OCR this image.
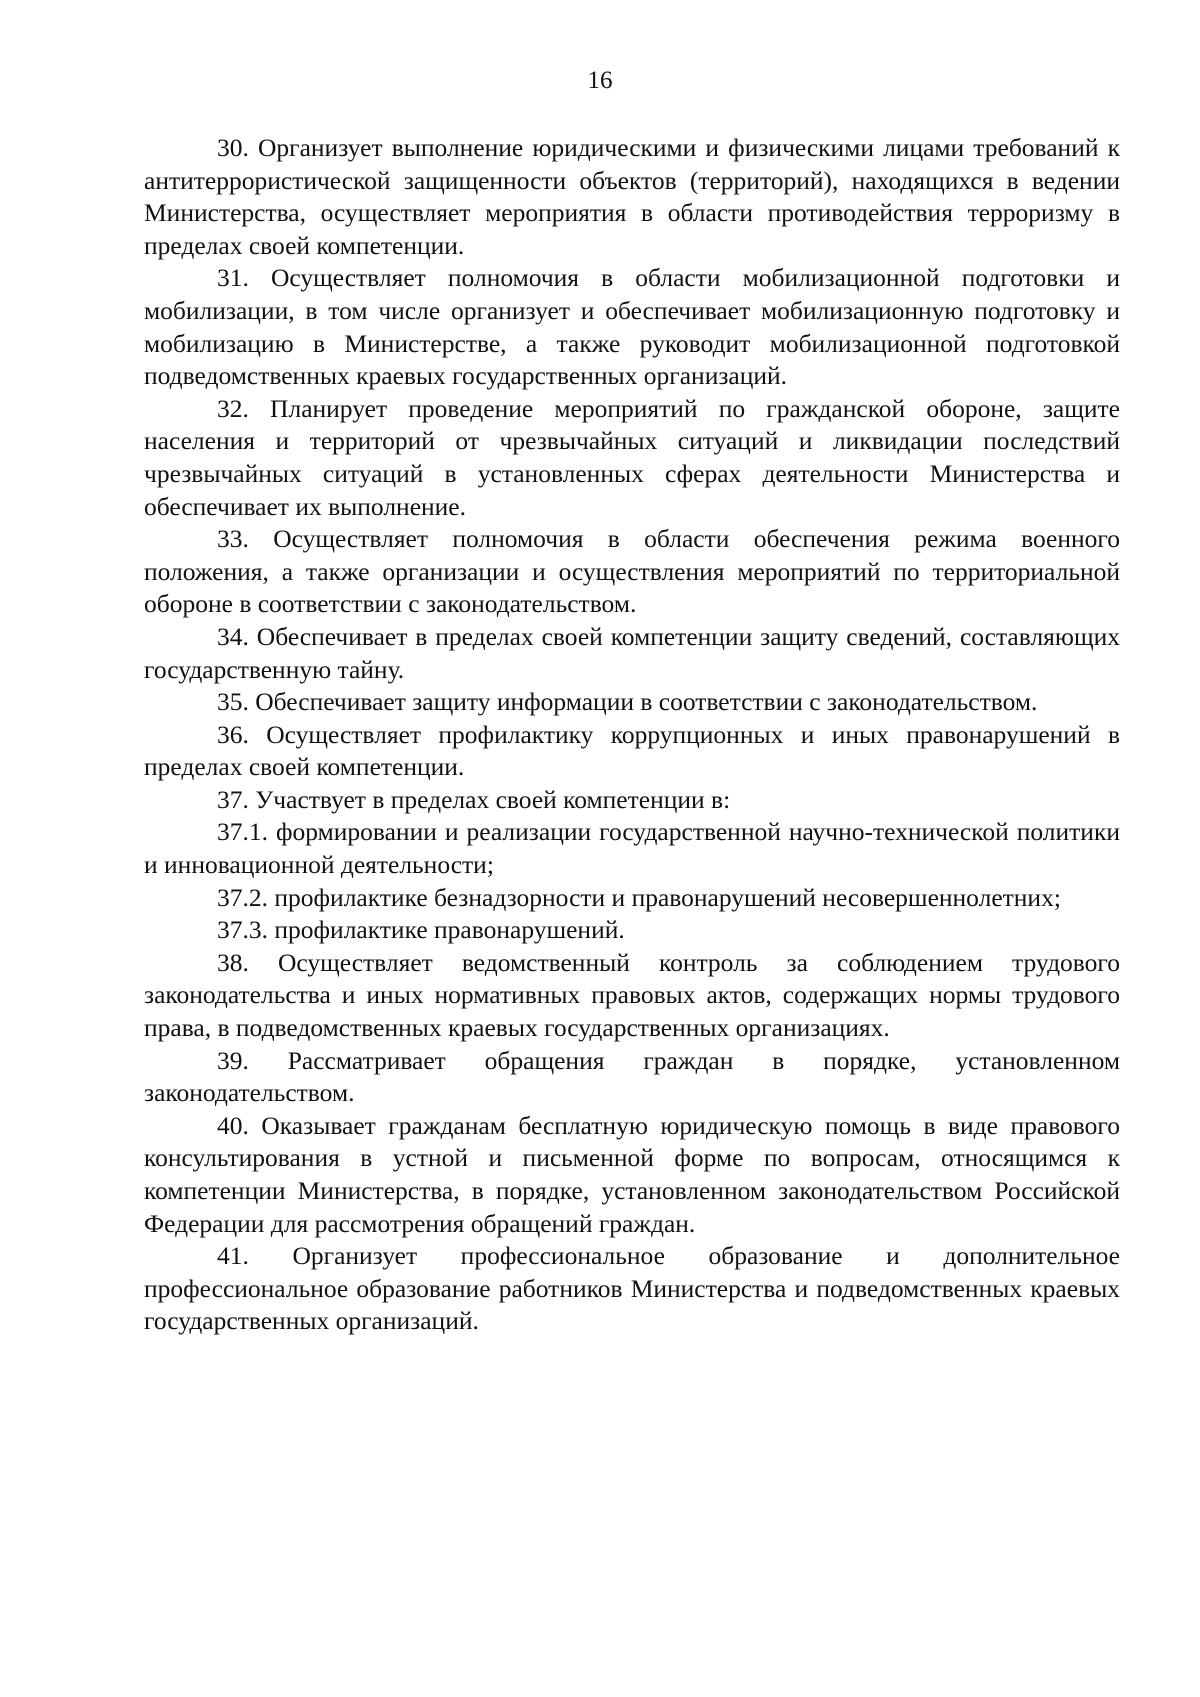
16

30. Организует выполнение юридическими и физическими лицами требований к антитеррористической защищенности объектов (территорий), находящихся в ведении Министерства, осуществляет мероприятия в области противодействия терроризму в пределах своей компетенции.

31. Осуществляет полномочия в области мобилизационной подготовки и мобилизации, в том числе организует и обеспечивает мобилизационную подготовку и мобилизацию в Министерстве, а также руководит мобилизационной подготовкой подведомственных краевых государственных организаций.

32. Планирует проведение мероприятий по гражданской обороне, защите населения и территорий от чрезвычайных ситуаций и ликвидации последствий чрезвычайных ситуаций в установленных сферах деятельности Министерства и обеспечивает их выполнение.

33. Осуществляет полномочия в области обеспечения режима военного положения, а также организации и осуществления мероприятий по территориальной обороне в соответствии с законодательством.

34. Обеспечивает в пределах своей компетенции защиту сведений, составляющих государственную тайну.

35. Обеспечивает защиту информации в соответствии с законодательством.

36. Осуществляет профилактику коррупционных и иных правонарушений в пределах своей компетенции.

37. Участвует в пределах своей компетенции в:

37.1. формировании и реализации государственной научно-технической политики и инновационной деятельности;

37.2. профилактике безнадзорности и правонарушений несовершеннолетних;

37.3. профилактике правонарушений.

38. Осуществляет ведомственный контроль за соблюдением трудового законодательства и иных нормативных правовых актов, содержащих нормы трудового права, в подведомственных краевых государственных организациях.

39. Рассматривает обращения граждан в порядке, установленном законодательством.

40. Оказывает гражданам бесплатную юридическую помощь в виде правового консультирования в устной и письменной форме по вопросам, относящимся к компетенции Министерства, в порядке, установленном законодательством Российской Федерации для рассмотрения обращений граждан.

41. Организует профессиональное образование и дополнительное профессиональное образование работников Министерства и подведомственных краевых государственных организаций.
